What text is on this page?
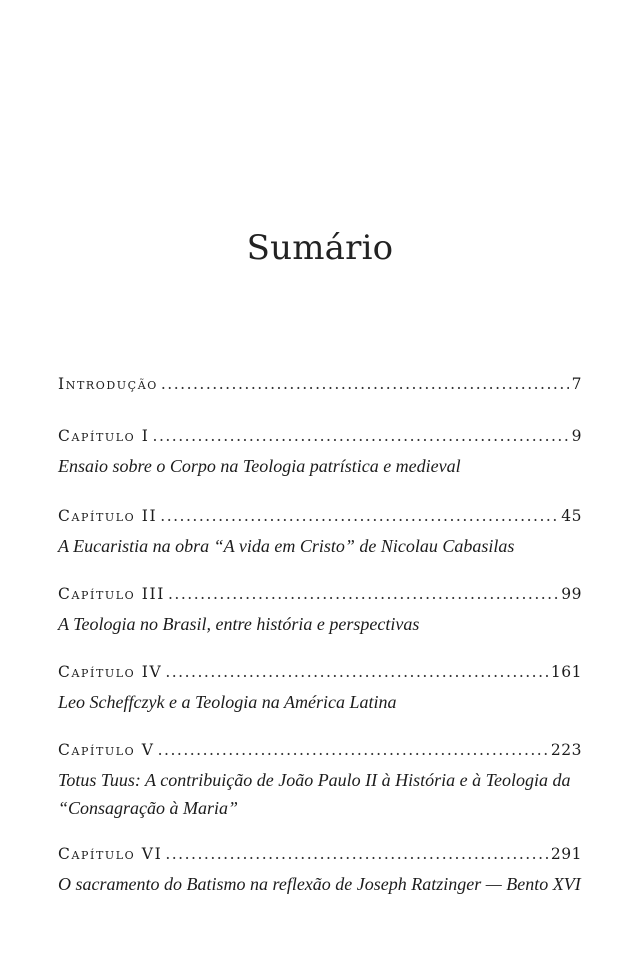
Sumário
Introdução .....	7
Capítulo I .....	9
Ensaio sobre o Corpo na Teologia patrística e medieval
Capítulo II .....	45
A Eucaristia na obra “A vida em Cristo” de Nicolau Cabasilas
Capítulo III .....	99
A Teologia no Brasil, entre história e perspectivas
Capítulo IV .....	161
Leo Scheffczyk e a Teologia na América Latina
Capítulo V .....	223
Totus Tuus: A contribuição de João Paulo II à História e à Teologia da “Consagração à Maria”
Capítulo VI .....	291
O sacramento do Batismo na reflexão de Joseph Ratzinger — Bento XVI
